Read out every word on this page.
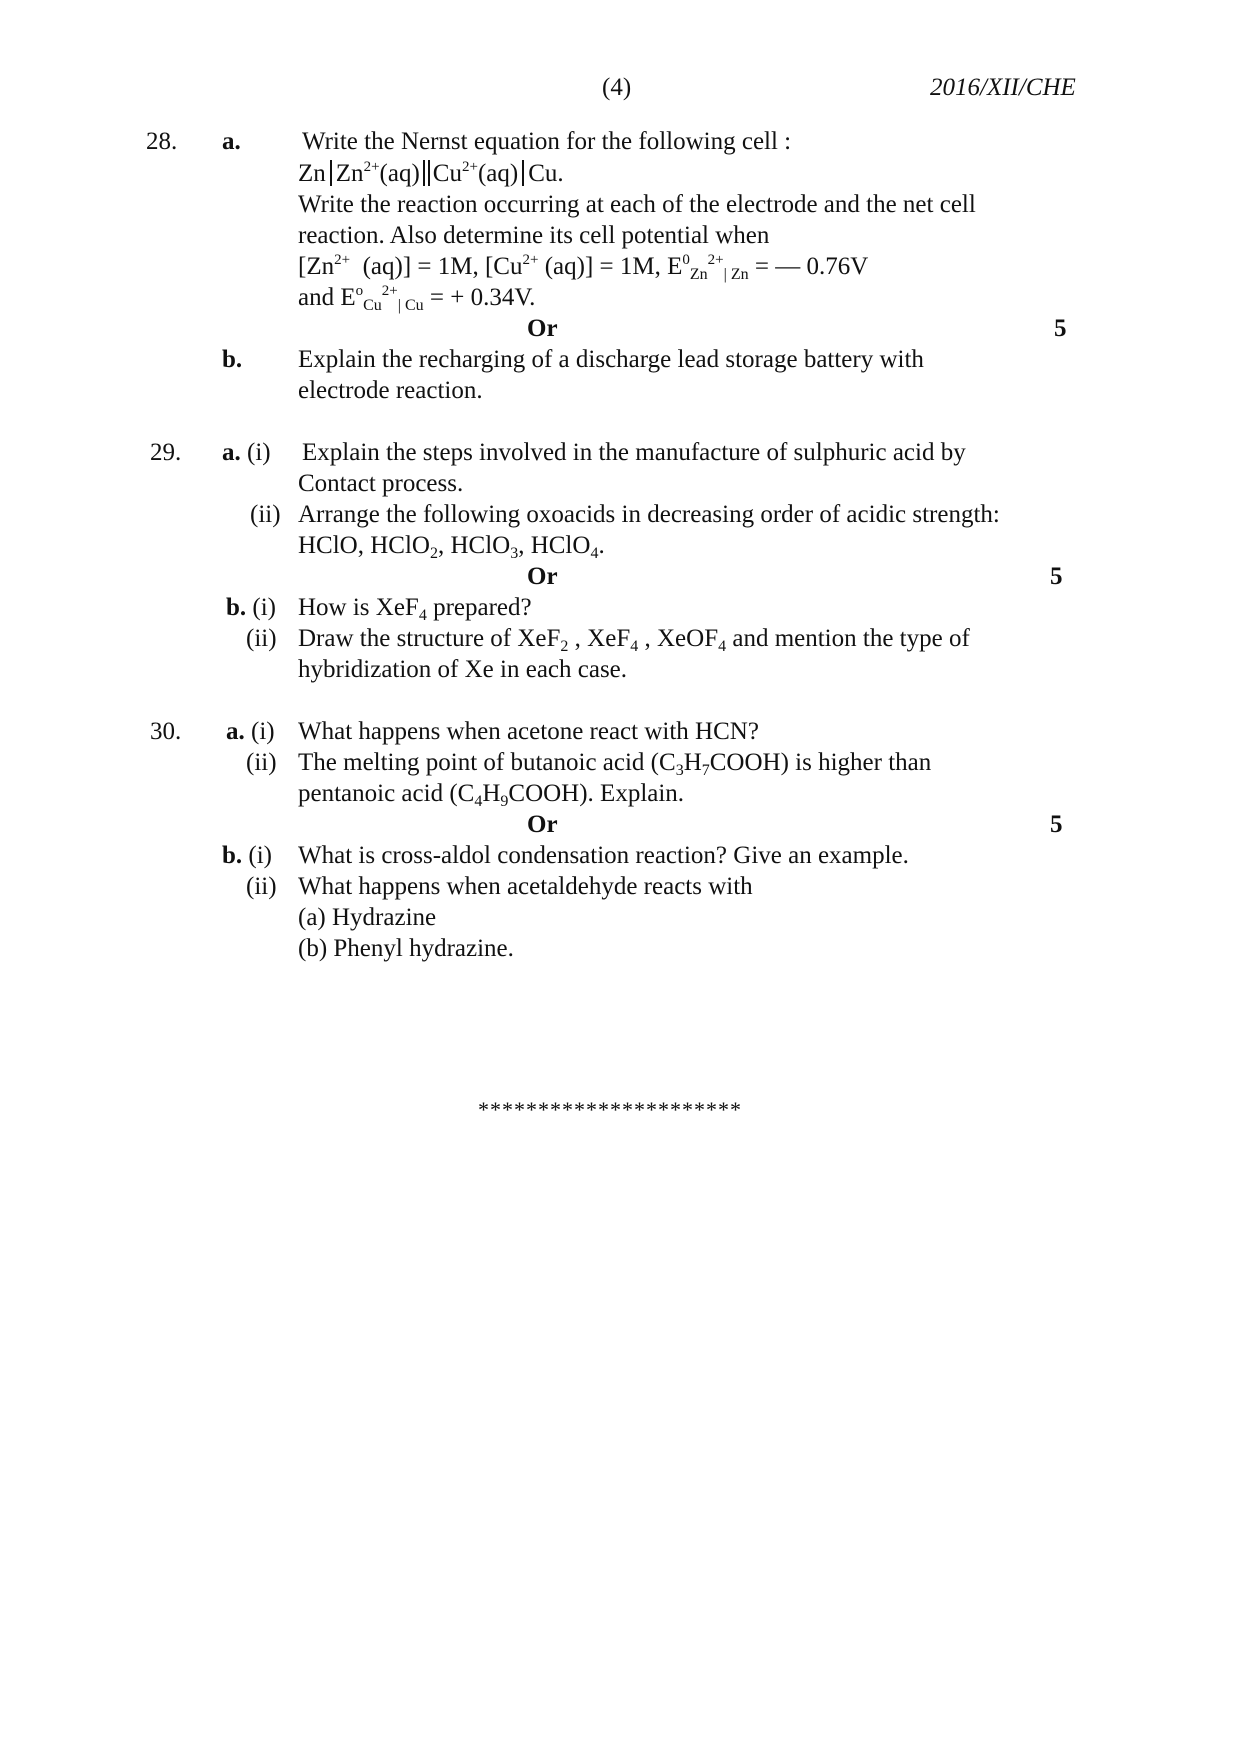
(4)	2016/XII/CHE
28. a. Write the Nernst equation for the following cell :
Zn $Zn^{2+}(aq)$ $Cu^{2+}(aq)$ Cu.
Write the reaction occurring at each of the electrode and the net cell
reaction. Also determine its cell potential when
[$Zn^{2+}$ (aq)] = 1M, [$Cu^{2+}$ (aq)] = 1M, $E^0_{Zn}^{2+}_{| Zn}$ = — 0.76V
and $E^o_{Cu}^{2+}_{| Cu}$ = + 0.34V.
Or	5
b. Explain the recharging of a discharge lead storage battery with
electrode reaction.
29. a. (i) Explain the steps involved in the manufacture of sulphuric acid by
Contact process.
(ii) Arrange the following oxoacids in decreasing order of acidic strength:
HClO, HClO$_2$, HClO$_3$, HClO$_4$.
Or	5
b. (i) How is XeF$_4$ prepared?
(ii) Draw the structure of XeF$_2$ , XeF$_4$ , XeOF$_4$ and mention the type of
hybridization of Xe in each case.
30. a. (i) What happens when acetone react with HCN?
(ii) The melting point of butanoic acid $(C_3H_7COOH)$ is higher than
pentanoic acid $(C_4H_9COOH)$. Explain.
Or	5
b. (i) What is cross-aldol condensation reaction? Give an example.
(ii) What happens when acetaldehyde reacts with
(a) Hydrazine
(b) Phenyl hydrazine.
**********************
